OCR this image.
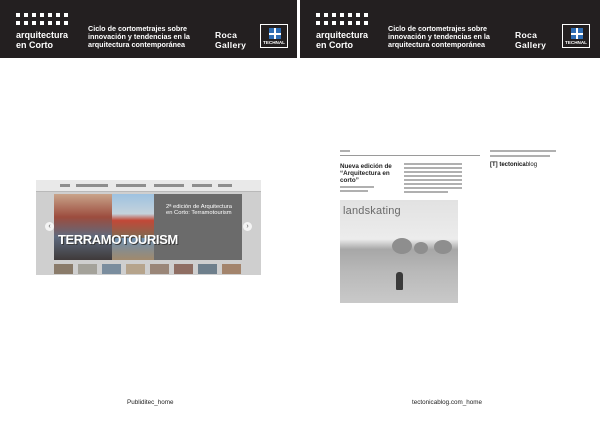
arquitectura
en Corto
Ciclo de cortometrajes sobre
innovación y tendencias en la
arquitectura contemporánea
Roca
Gallery	TECHNAL
arquitectura
en Corto
Ciclo de cortometrajes sobre
innovación y tendencias en la
arquitectura contemporánea
Roca
Gallery	TECHNAL
2ª edición de Arquitectura en Corto: Terramotourism
TERRAMOTOURISM
‹	›
Nueva edición de “Arquitectura en corto”
[T] tectonicablog
landskating
Publiditec_home	tectonicablog.com_home
